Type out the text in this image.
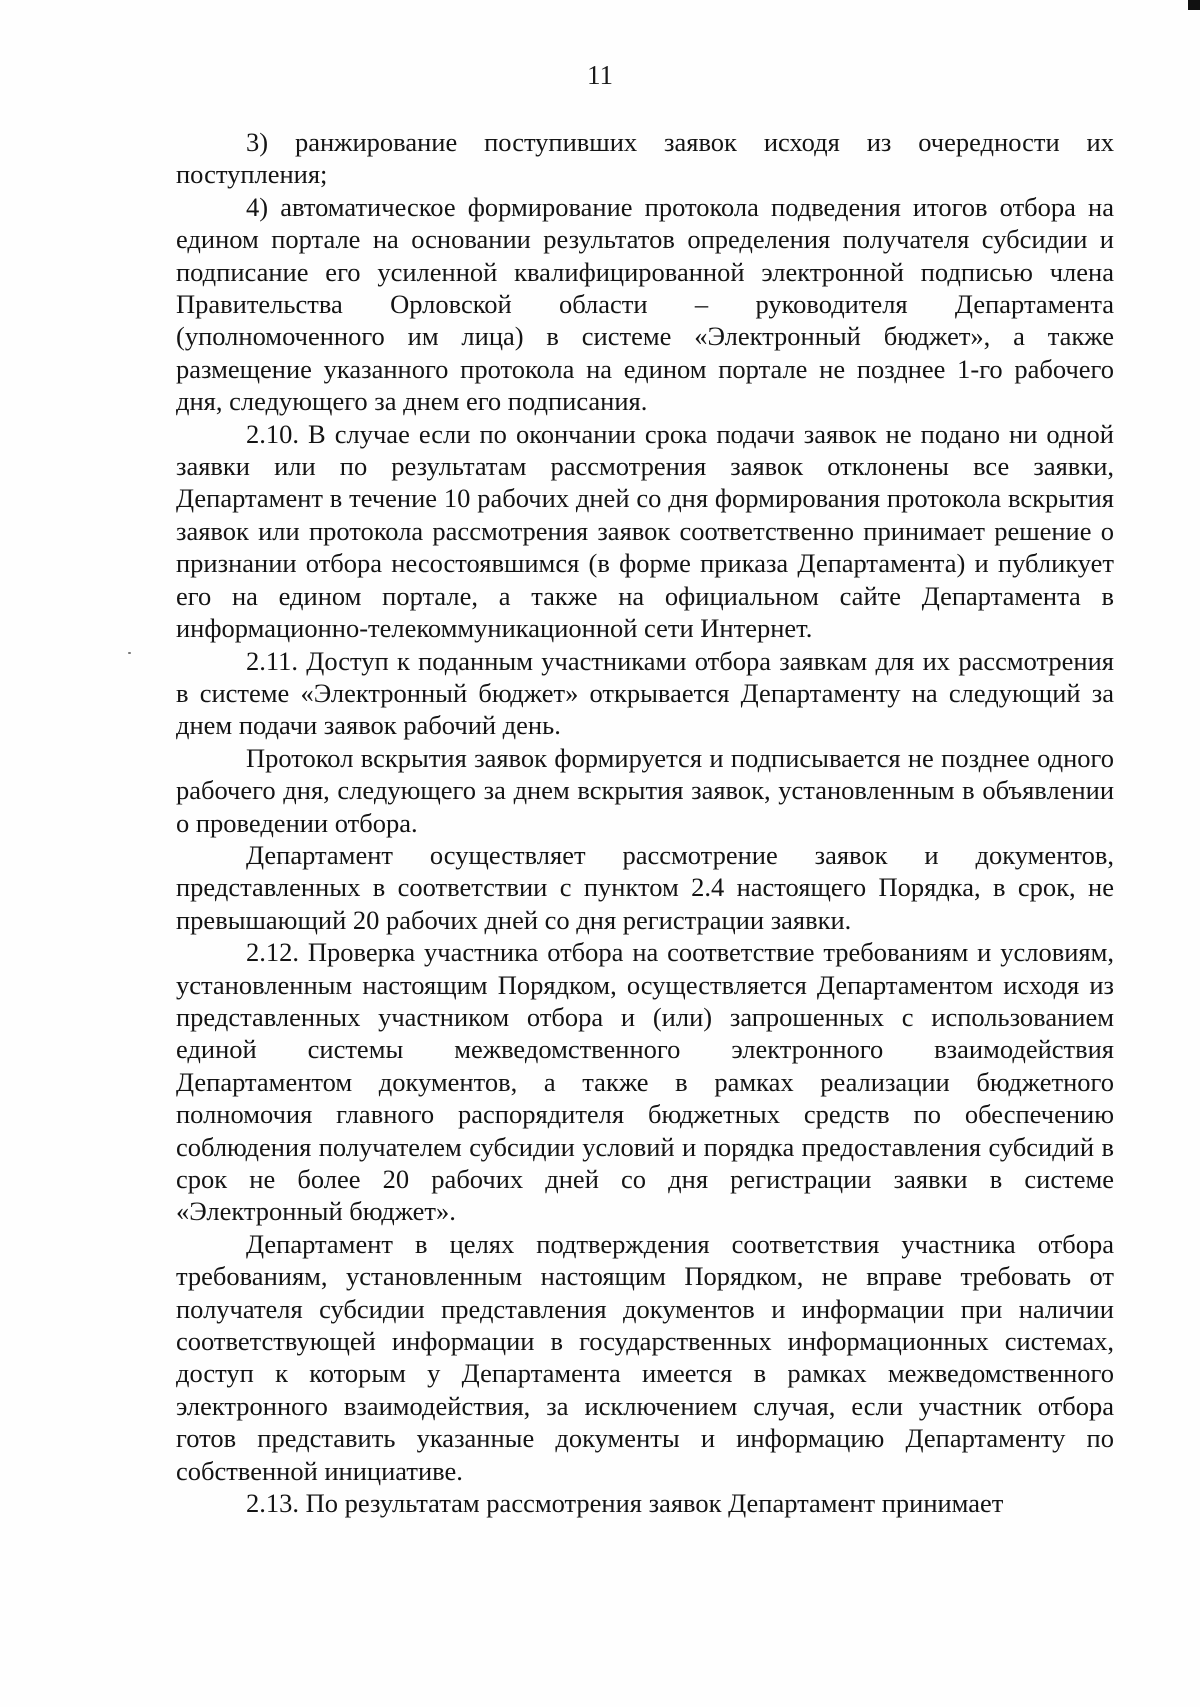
11

3) ранжирование поступивших заявок исходя из очередности их поступления;

4) автоматическое формирование протокола подведения итогов отбора на едином портале на основании результатов определения получателя субсидии и подписание его усиленной квалифицированной электронной подписью члена Правительства Орловской области – руководителя Департамента (уполномоченного им лица) в системе «Электронный бюджет», а также размещение указанного протокола на едином портале не позднее 1-го рабочего дня, следующего за днем его подписания.

2.10. В случае если по окончании срока подачи заявок не подано ни одной заявки или по результатам рассмотрения заявок отклонены все заявки, Департамент в течение 10 рабочих дней со дня формирования протокола вскрытия заявок или протокола рассмотрения заявок соответственно принимает решение о признании отбора несостоявшимся (в форме приказа Департамента) и публикует его на едином портале, а также на официальном сайте Департамента в информационно-телекоммуникационной сети Интернет.

2.11. Доступ к поданным участниками отбора заявкам для их рассмотрения в системе «Электронный бюджет» открывается Департаменту на следующий за днем подачи заявок рабочий день.

Протокол вскрытия заявок формируется и подписывается не позднее одного рабочего дня, следующего за днем вскрытия заявок, установленным в объявлении о проведении отбора.

Департамент осуществляет рассмотрение заявок и документов, представленных в соответствии с пунктом 2.4 настоящего Порядка, в срок, не превышающий 20 рабочих дней со дня регистрации заявки.

2.12. Проверка участника отбора на соответствие требованиям и условиям, установленным настоящим Порядком, осуществляется Департаментом исходя из представленных участником отбора и (или) запрошенных с использованием единой системы межведомственного электронного взаимодействия Департаментом документов, а также в рамках реализации бюджетного полномочия главного распорядителя бюджетных средств по обеспечению соблюдения получателем субсидии условий и порядка предоставления субсидий в срок не более 20 рабочих дней со дня регистрации заявки в системе «Электронный бюджет».

Департамент в целях подтверждения соответствия участника отбора требованиям, установленным настоящим Порядком, не вправе требовать от получателя субсидии представления документов и информации при наличии соответствующей информации в государственных информационных системах, доступ к которым у Департамента имеется в рамках межведомственного электронного взаимодействия, за исключением случая, если участник отбора готов представить указанные документы и информацию Департаменту по собственной инициативе.

2.13. По результатам рассмотрения заявок Департамент принимает
